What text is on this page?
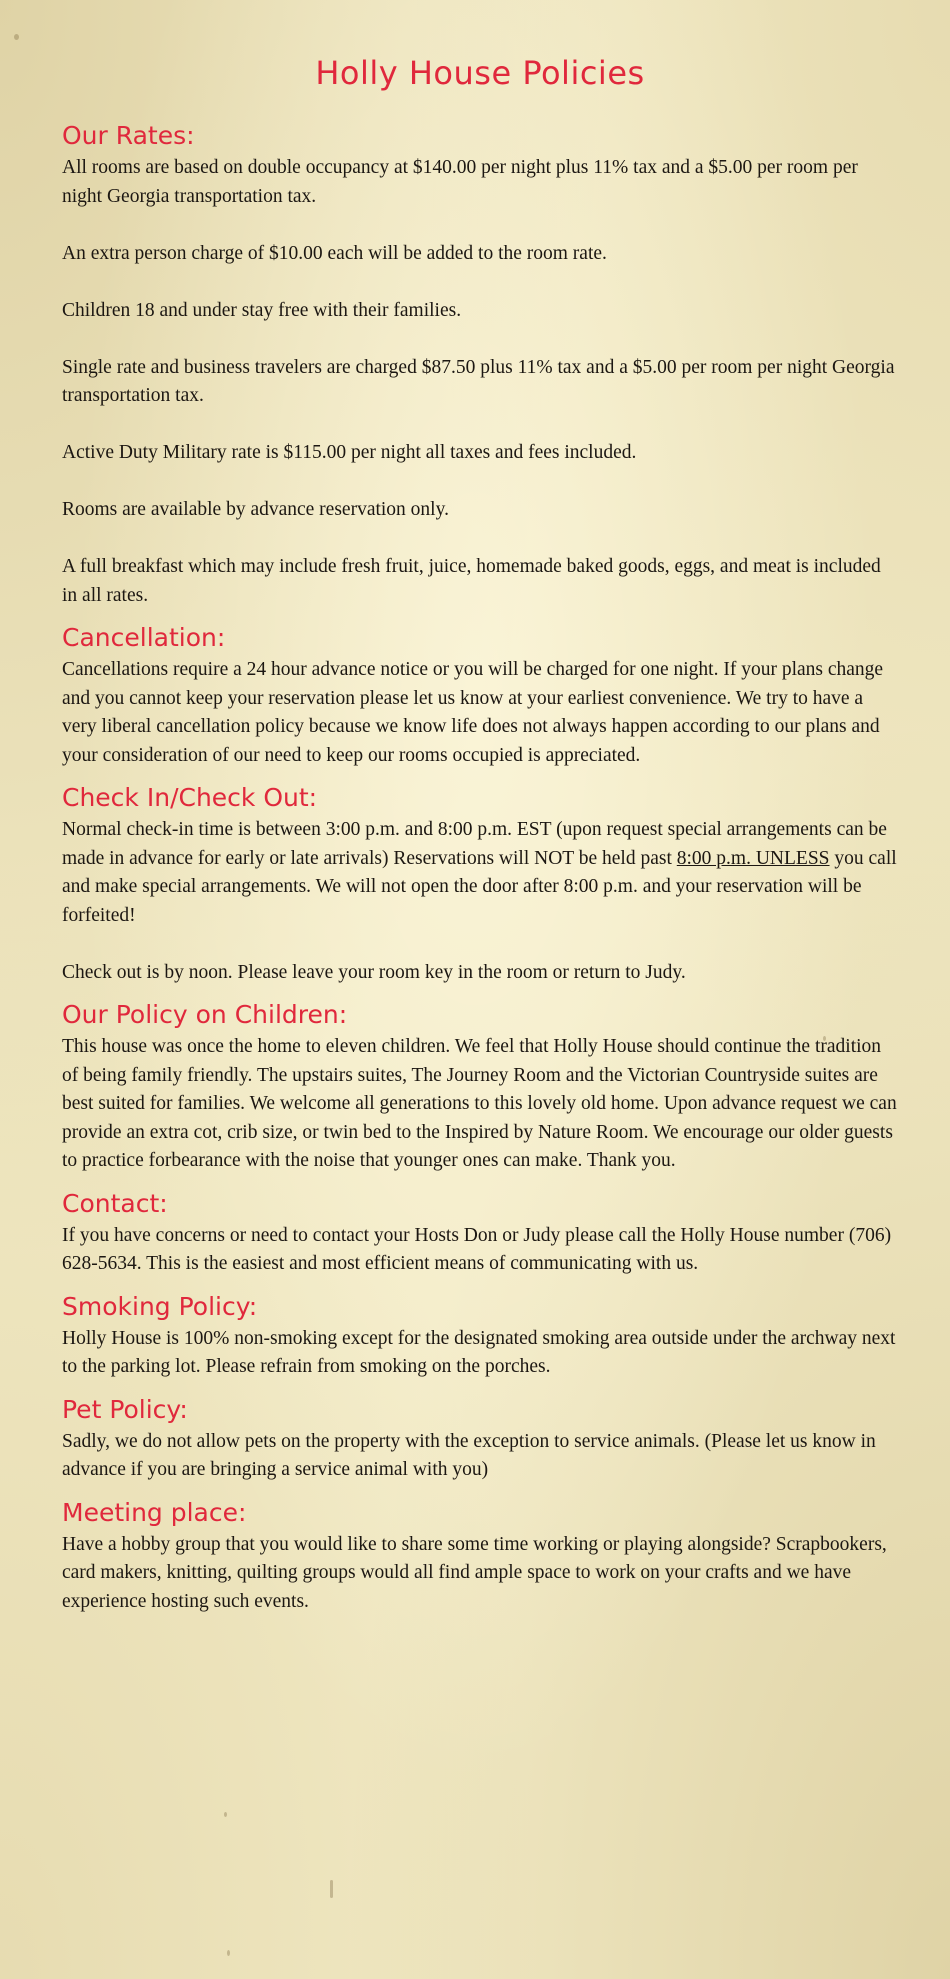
Holly House Policies
Our Rates:

All rooms are based on double occupancy at $140.00 per night plus 11% tax and a $5.00 per room per night Georgia transportation tax.

An extra person charge of $10.00 each will be added to the room rate.

Children 18 and under stay free with their families.

Single rate and business travelers are charged $87.50 plus 11% tax and a $5.00 per room per night Georgia transportation tax.

Active Duty Military rate is $115.00 per night all taxes and fees included.

Rooms are available by advance reservation only.

A full breakfast which may include fresh fruit, juice, homemade baked goods, eggs, and meat is included in all rates.

Cancellation:

Cancellations require a 24 hour advance notice or you will be charged for one night. If your plans change and you cannot keep your reservation please let us know at your earliest convenience. We try to have a very liberal cancellation policy because we know life does not always happen according to our plans and your consideration of our need to keep our rooms occupied is appreciated.

Check In/Check Out:

Normal check-in time is between 3:00 p.m. and 8:00 p.m. EST (upon request special arrangements can be made in advance for early or late arrivals) Reservations will NOT be held past 8:00 p.m. UNLESS you call and make special arrangements. We will not open the door after 8:00 p.m. and your reservation will be forfeited!

Check out is by noon. Please leave your room key in the room or return to Judy.

Our Policy on Children:

This house was once the home to eleven children. We feel that Holly House should continue the tradition of being family friendly. The upstairs suites, The Journey Room and the Victorian Countryside suites are best suited for families. We welcome all generations to this lovely old home. Upon advance request we can provide an extra cot, crib size, or twin bed to the Inspired by Nature Room. We encourage our older guests to practice forbearance with the noise that younger ones can make. Thank you.

Contact:

If you have concerns or need to contact your Hosts Don or Judy please call the Holly House number (706) 628-5634. This is the easiest and most efficient means of communicating with us.

Smoking Policy:

Holly House is 100% non-smoking except for the designated smoking area outside under the archway next to the parking lot. Please refrain from smoking on the porches.

Pet Policy:

Sadly, we do not allow pets on the property with the exception to service animals. (Please let us know in advance if you are bringing a service animal with you)

Meeting place:

Have a hobby group that you would like to share some time working or playing alongside? Scrapbookers, card makers, knitting, quilting groups would all find ample space to work on your crafts and we have experience hosting such events.
